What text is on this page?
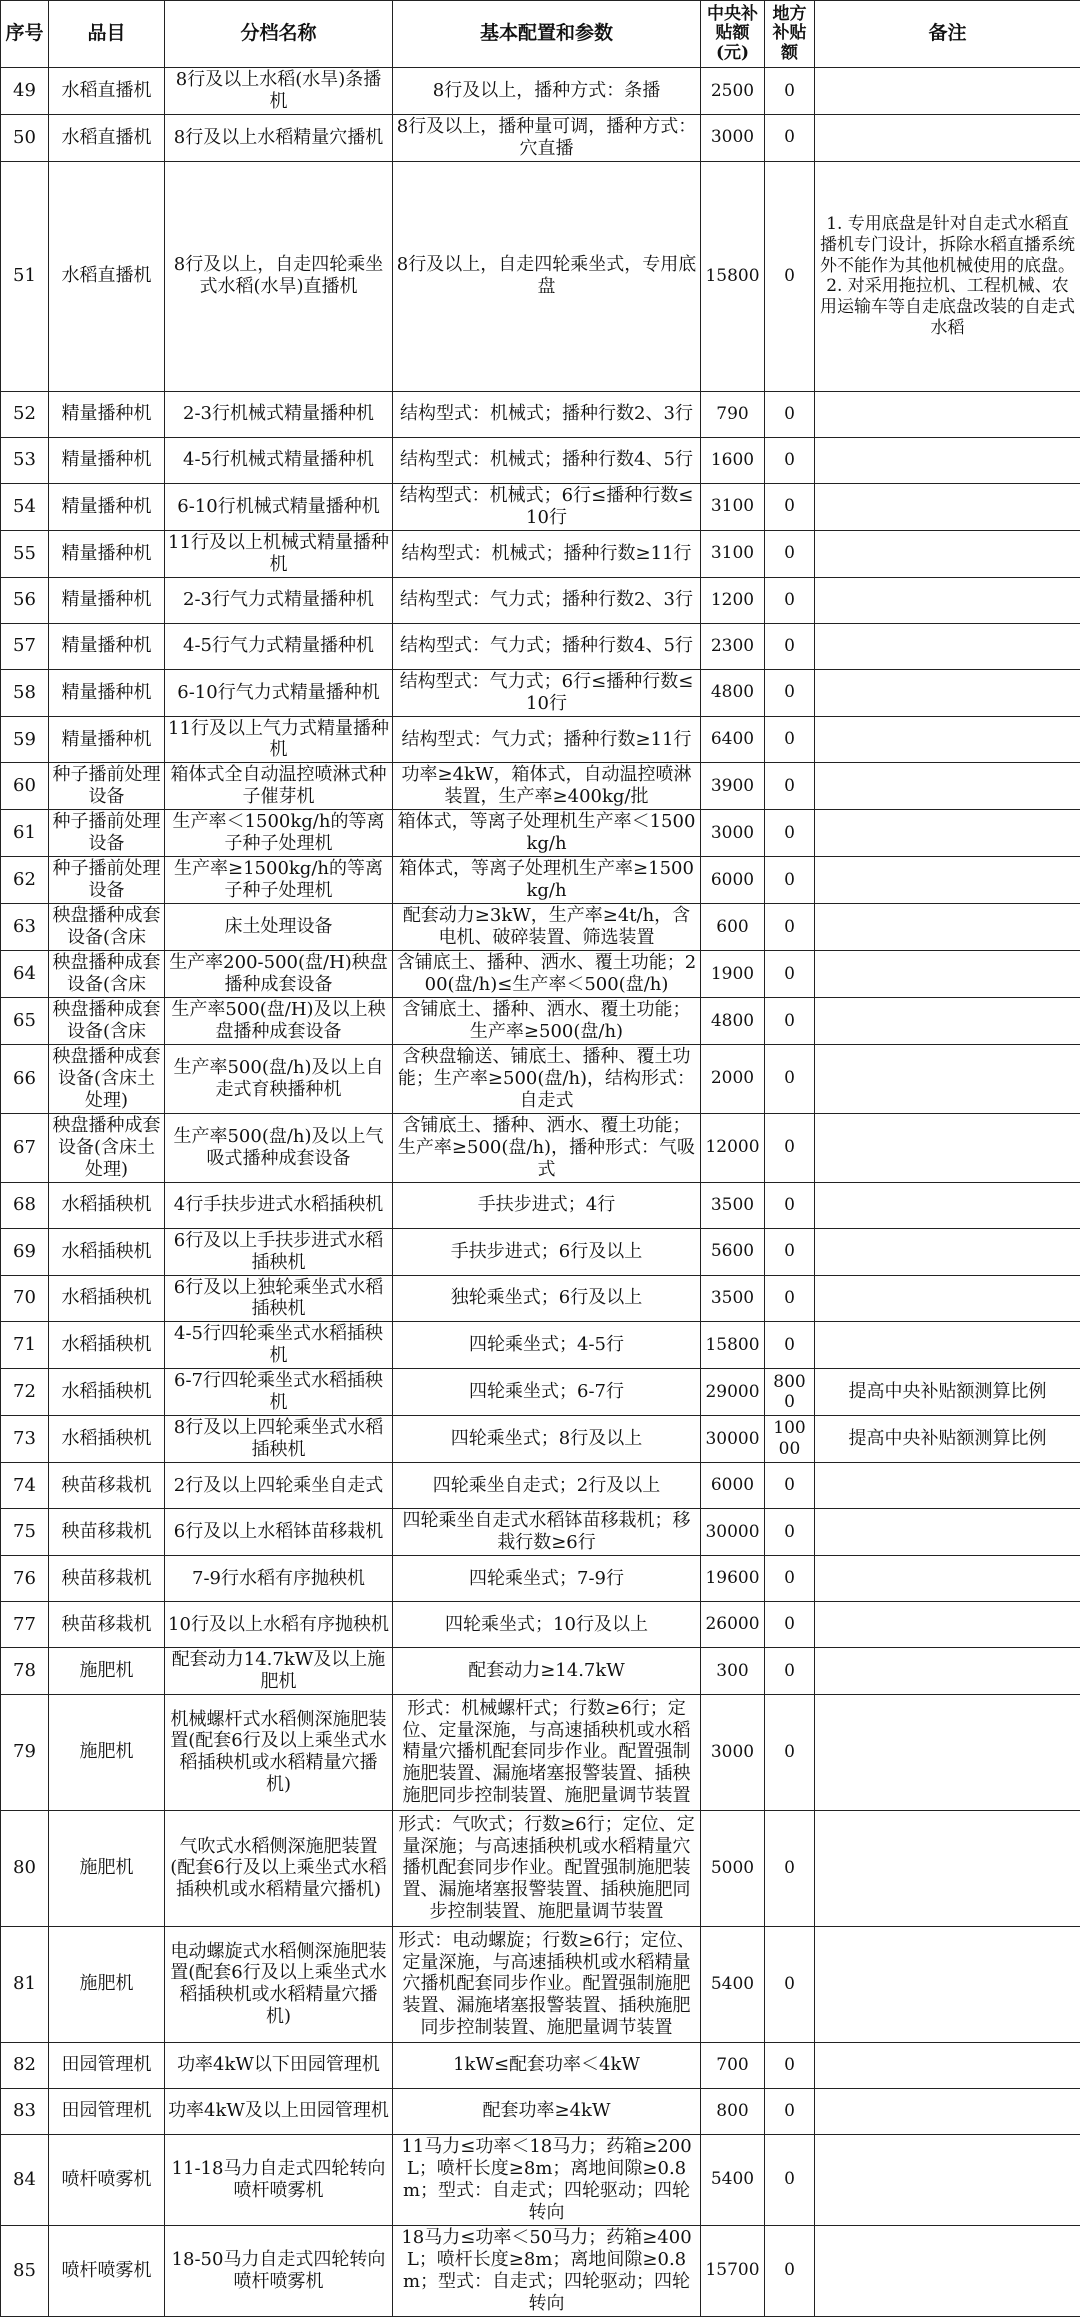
序号	品目	分档名称	基本配置和参数	中央补贴额(元)	地方补贴额	备注
49	水稻直播机	8行及以上水稻(水旱)条播机	8行及以上，播种方式：条播	2500	0	
50	水稻直播机	8行及以上水稻精量穴播机	8行及以上，播种量可调，播种方式：穴直播	3000	0	
51	水稻直播机	8行及以上，自走四轮乘坐式水稻(水旱)直播机	8行及以上，自走四轮乘坐式，专用底盘	15800	0	1. 专用底盘是针对自走式水稻直播机专门设计，拆除水稻直播系统外不能作为其他机械使用的底盘。2. 对采用拖拉机、工程机械、农用运输车等自走底盘改装的自走式水稻
52	精量播种机	2-3行机械式精量播种机	结构型式：机械式；播种行数2、3行	790	0	
53	精量播种机	4-5行机械式精量播种机	结构型式：机械式；播种行数4、5行	1600	0	
54	精量播种机	6-10行机械式精量播种机	结构型式：机械式；6行≤播种行数≤10行	3100	0	
55	精量播种机	11行及以上机械式精量播种机	结构型式：机械式；播种行数≥11行	3100	0	
56	精量播种机	2-3行气力式精量播种机	结构型式：气力式；播种行数2、3行	1200	0	
57	精量播种机	4-5行气力式精量播种机	结构型式：气力式；播种行数4、5行	2300	0	
58	精量播种机	6-10行气力式精量播种机	结构型式：气力式；6行≤播种行数≤10行	4800	0	
59	精量播种机	11行及以上气力式精量播种机	结构型式：气力式；播种行数≥11行	6400	0	
60	种子播前处理设备	箱体式全自动温控喷淋式种子催芽机	功率≥4kW，箱体式，自动温控喷淋装置，生产率≥400kg/批	3900	0	
61	种子播前处理设备	生产率＜1500kg/h的等离子种子处理机	箱体式，等离子处理机生产率＜1500kg/h	3000	0	
62	种子播前处理设备	生产率≥1500kg/h的等离子种子处理机	箱体式，等离子处理机生产率≥1500kg/h	6000	0	
63	秧盘播种成套设备(含床	床土处理设备	配套动力≥3kW，生产率≥4t/h，含电机、破碎装置、筛选装置	600	0	
64	秧盘播种成套设备(含床	生产率200-500(盘/H)秧盘播种成套设备	含铺底土、播种、洒水、覆土功能；200(盘/h)≤生产率＜500(盘/h)	1900	0	
65	秧盘播种成套设备(含床	生产率500(盘/H)及以上秧盘播种成套设备	含铺底土、播种、洒水、覆土功能；生产率≥500(盘/h)	4800	0	
66	秧盘播种成套设备(含床土处理)	生产率500(盘/h)及以上自走式育秧播种机	含秧盘输送、铺底土、播种、覆土功能；生产率≥500(盘/h)，结构形式：自走式	2000	0	
67	秧盘播种成套设备(含床土处理)	生产率500(盘/h)及以上气吸式播种成套设备	含铺底土、播种、洒水、覆土功能；生产率≥500(盘/h)，播种形式：气吸式	12000	0	
68	水稻插秧机	4行手扶步进式水稻插秧机	手扶步进式；4行	3500	0	
69	水稻插秧机	6行及以上手扶步进式水稻插秧机	手扶步进式；6行及以上	5600	0	
70	水稻插秧机	6行及以上独轮乘坐式水稻插秧机	独轮乘坐式；6行及以上	3500	0	
71	水稻插秧机	4-5行四轮乘坐式水稻插秧机	四轮乘坐式；4-5行	15800	0	
72	水稻插秧机	6-7行四轮乘坐式水稻插秧机	四轮乘坐式；6-7行	29000	8000	提高中央补贴额测算比例
73	水稻插秧机	8行及以上四轮乘坐式水稻插秧机	四轮乘坐式；8行及以上	30000	10000	提高中央补贴额测算比例
74	秧苗移栽机	2行及以上四轮乘坐自走式	四轮乘坐自走式；2行及以上	6000	0	
75	秧苗移栽机	6行及以上水稻钵苗移栽机	四轮乘坐自走式水稻钵苗移栽机；移栽行数≥6行	30000	0	
76	秧苗移栽机	7-9行水稻有序抛秧机	四轮乘坐式；7-9行	19600	0	
77	秧苗移栽机	10行及以上水稻有序抛秧机	四轮乘坐式；10行及以上	26000	0	
78	施肥机	配套动力14.7kW及以上施肥机	配套动力≥14.7kW	300	0	
79	施肥机	机械螺杆式水稻侧深施肥装置(配套6行及以上乘坐式水稻插秧机或水稻精量穴播机)	形式：机械螺杆式；行数≥6行；定位、定量深施，与高速插秧机或水稻精量穴播机配套同步作业。配置强制施肥装置、漏施堵塞报警装置、插秧施肥同步控制装置、施肥量调节装置	3000	0	
80	施肥机	气吹式水稻侧深施肥装置(配套6行及以上乘坐式水稻插秧机或水稻精量穴播机)	形式：气吹式；行数≥6行；定位、定量深施；与高速插秧机或水稻精量穴播机配套同步作业。配置强制施肥装置、漏施堵塞报警装置、插秧施肥同步控制装置、施肥量调节装置	5000	0	
81	施肥机	电动螺旋式水稻侧深施肥装置(配套6行及以上乘坐式水稻插秧机或水稻精量穴播机)	形式：电动螺旋；行数≥6行；定位、定量深施，与高速插秧机或水稻精量穴播机配套同步作业。配置强制施肥装置、漏施堵塞报警装置、插秧施肥同步控制装置、施肥量调节装置	5400	0	
82	田园管理机	功率4kW以下田园管理机	1kW≤配套功率＜4kW	700	0	
83	田园管理机	功率4kW及以上田园管理机	配套功率≥4kW	800	0	
84	喷杆喷雾机	11-18马力自走式四轮转向喷杆喷雾机	11马力≤功率＜18马力；药箱≥200L；喷杆长度≥8m；离地间隙≥0.8m；型式：自走式；四轮驱动；四轮转向	5400	0	
85	喷杆喷雾机	18-50马力自走式四轮转向喷杆喷雾机	18马力≤功率＜50马力；药箱≥400L；喷杆长度≥8m；离地间隙≥0.8m；型式：自走式；四轮驱动；四轮转向	15700	0	
